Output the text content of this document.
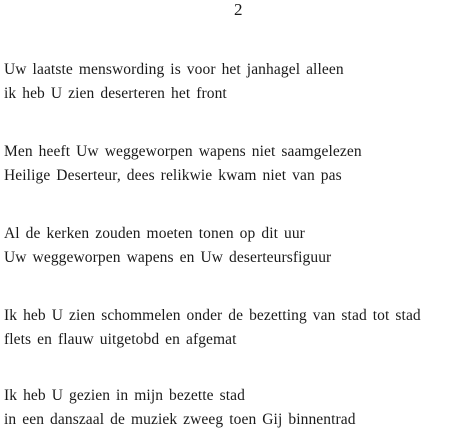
2
Uw laatste menswording is voor het janhagel alleen
ik heb U zien deserteren het front
Men heeft Uw weggeworpen wapens niet saamgelezen
Heilige Deserteur, dees relikwie kwam niet van pas
Al de kerken zouden moeten tonen op dit uur
Uw weggeworpen wapens en Uw deserteursfiguur
Ik heb U zien schommelen onder de bezetting van stad tot stad
flets en flauw uitgetobd en afgemat
Ik heb U gezien in mijn bezette stad
in een danszaal de muziek zweeg toen Gij binnentrad
